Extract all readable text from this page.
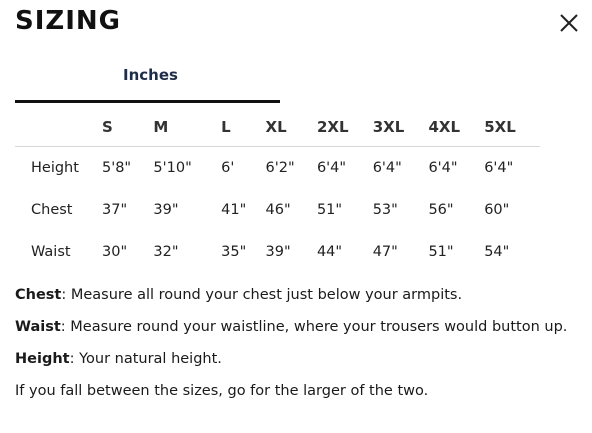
SIZING
Inches
	S	M	L	XL	2XL	3XL	4XL	5XL
Height	5'8"	5'10"	6'	6'2"	6'4"	6'4"	6'4"	6'4"
Chest	37"	39"	41"	46"	51"	53"	56"	60"
Waist	30"	32"	35"	39"	44"	47"	51"	54"

Chest: Measure all round your chest just below your armpits.

Waist: Measure round your waistline, where your trousers would button up.

Height: Your natural height.

If you fall between the sizes, go for the larger of the two.
